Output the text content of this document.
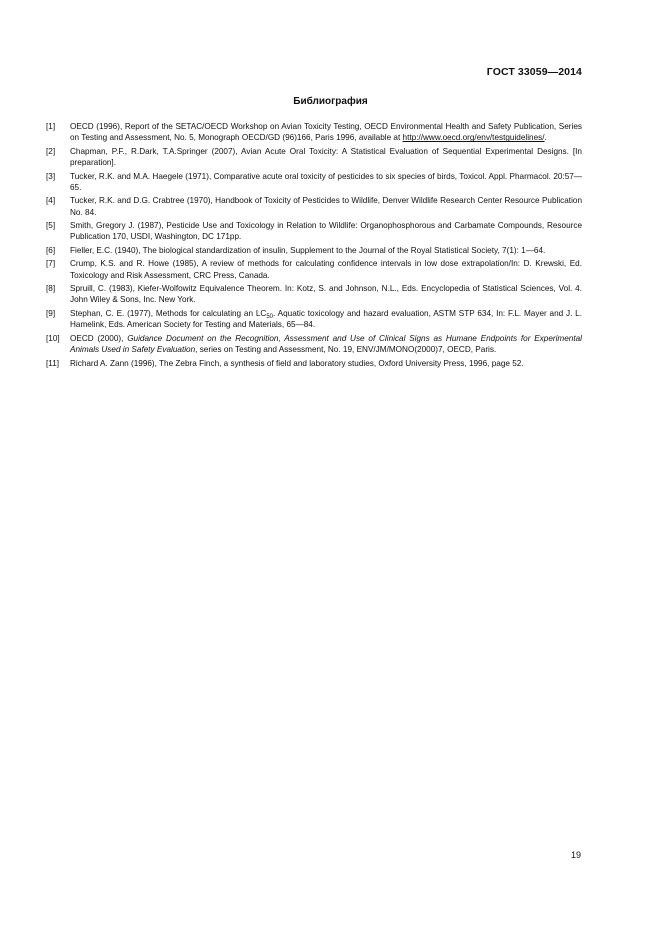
ГОСТ 33059—2014
Библиография
[1]	OECD (1996), Report of the SETAC/OECD Workshop on Avian Toxicity Testing, OECD Environmental Health and Safety Publication, Series on Testing and Assessment, No. 5, Monograph OECD/GD (96)166, Paris 1996, available at http://www.oecd.org/env/testguidelines/.
[2]	Chapman, P.F., R.Dark, T.A.Springer (2007), Avian Acute Oral Toxicity: A Statistical Evaluation of Sequential Experimental Designs. [In preparation].
[3]	Tucker, R.K. and M.A. Haegele (1971), Comparative acute oral toxicity of pesticides to six species of birds, Toxicol. Appl. Pharmacol. 20:57—65.
[4]	Tucker, R.K. and D.G. Crabtree (1970), Handbook of Toxicity of Pesticides to Wildlife, Denver Wildlife Research Center Resource Publication No. 84.
[5]	Smith, Gregory J. (1987), Pesticide Use and Toxicology in Relation to Wildlife: Organophosphorous and Carbamate Compounds, Resource Publication 170, USDI, Washington, DC 171pp.
[6]	Fieller, E.C. (1940), The biological standardization of insulin, Supplement to the Journal of the Royal Statistical Society, 7(1): 1—64.
[7]	Crump, K.S. and R. Howe (1985), A review of methods for calculating confidence intervals in low dose extrapolation/In: D. Krewski, Ed. Toxicology and Risk Assessment, CRC Press, Canada.
[8]	Spruill, C. (1983), Kiefer-Wolfowitz Equivalence Theorem. In: Kotz, S. and Johnson, N.L., Eds. Encyclopedia of Statistical Sciences, Vol. 4. John Wiley & Sons, Inc. New York.
[9]	Stephan, C. E. (1977), Methods for calculating an $LC_{50}$. Aquatic toxicology and hazard evaluation, ASTM STP 634, In: F.L. Mayer and J. L. Hamelink, Eds. American Society for Testing and Materials, 65—84.
[10]	OECD (2000), Guidance Document on the Recognition, Assessment and Use of Clinical Signs as Humane Endpoints for Experimental Animals Used in Safety Evaluation, series on Testing and Assessment, No. 19, ENV/JM/MONO(2000)7, OECD, Paris.
[11]	Richard A. Zann (1996), The Zebra Finch, a synthesis of field and laboratory studies, Oxford University Press, 1996, page 52.
19
